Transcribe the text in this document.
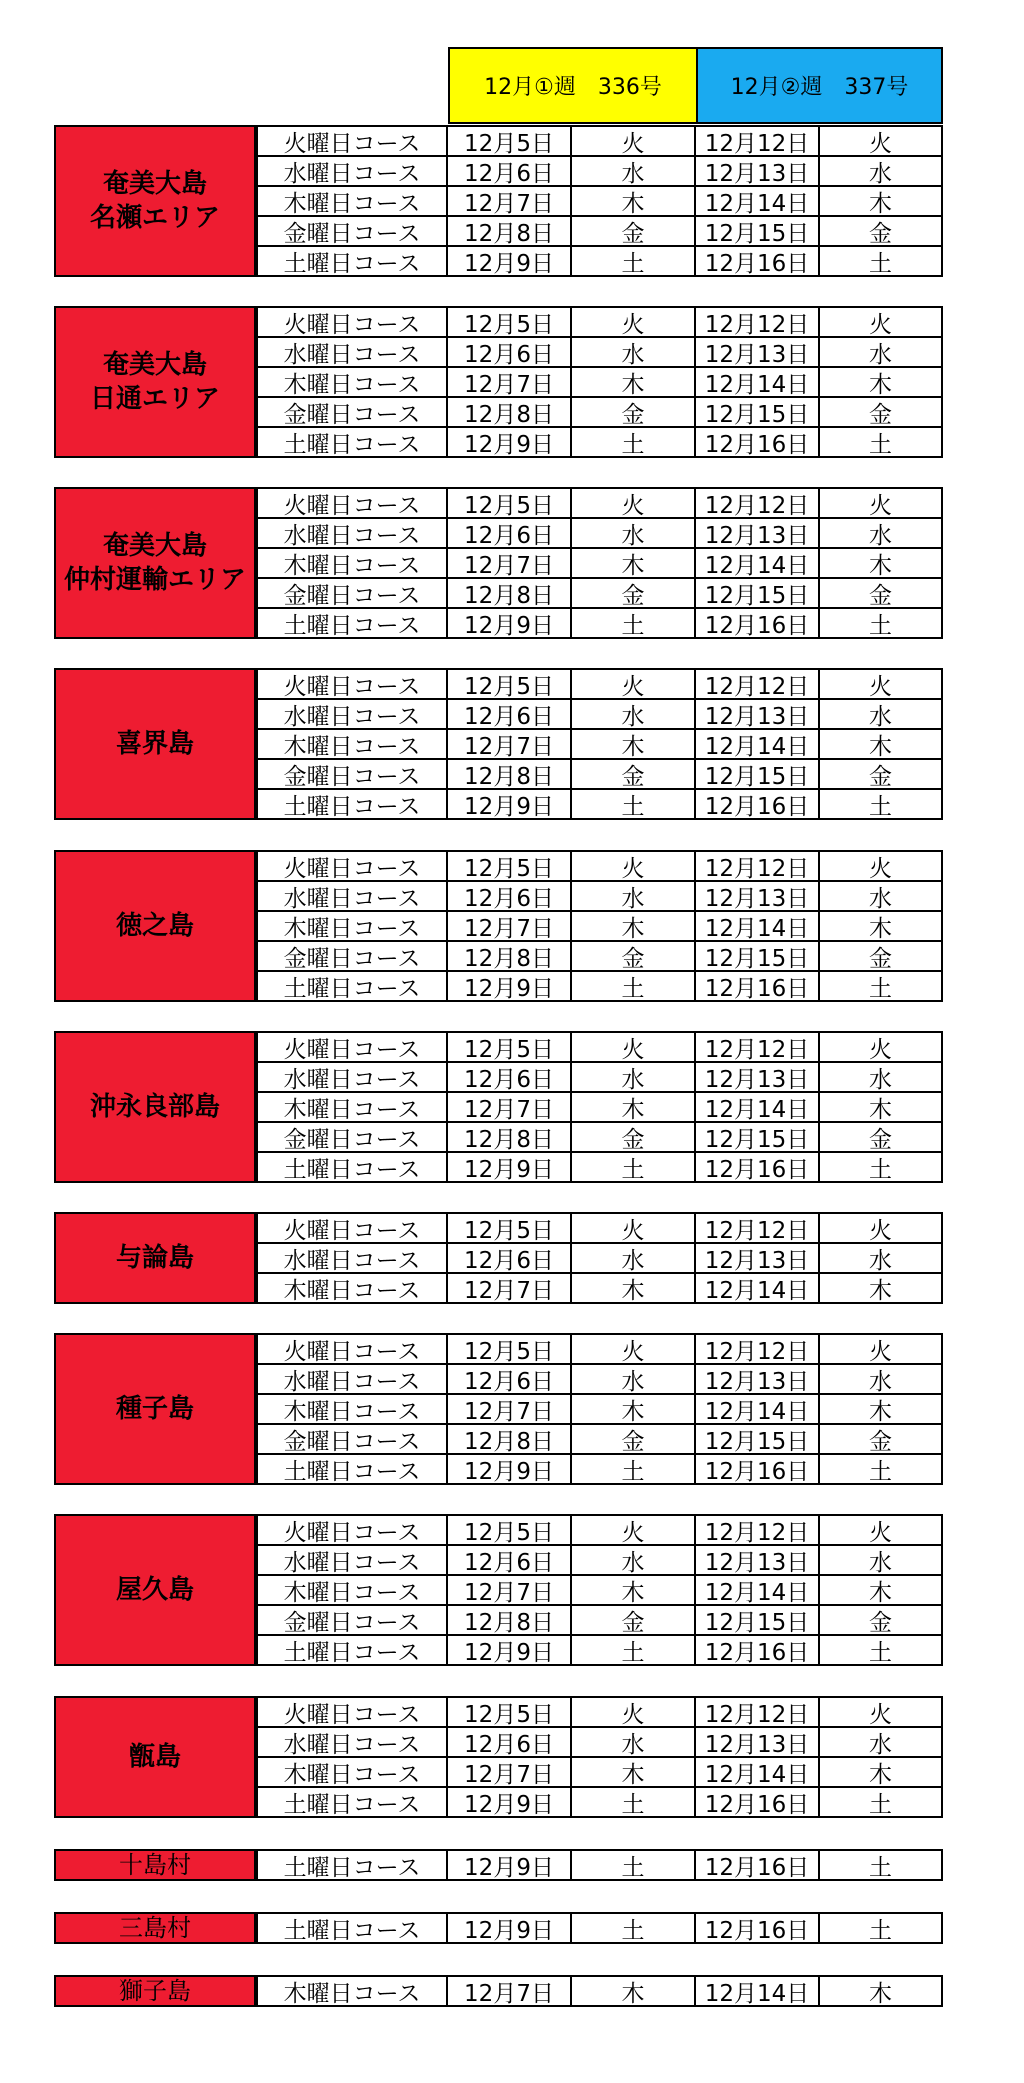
12月①週　336号	12月②週　337号
奄美大島
名瀬エリア
火曜日コース	12月5日	火	12月12日	火
水曜日コース	12月6日	水	12月13日	水
木曜日コース	12月7日	木	12月14日	木
金曜日コース	12月8日	金	12月15日	金
土曜日コース	12月9日	土	12月16日	土
奄美大島
日通エリア
火曜日コース	12月5日	火	12月12日	火
水曜日コース	12月6日	水	12月13日	水
木曜日コース	12月7日	木	12月14日	木
金曜日コース	12月8日	金	12月15日	金
土曜日コース	12月9日	土	12月16日	土
奄美大島
仲村運輸エリア
火曜日コース	12月5日	火	12月12日	火
水曜日コース	12月6日	水	12月13日	水
木曜日コース	12月7日	木	12月14日	木
金曜日コース	12月8日	金	12月15日	金
土曜日コース	12月9日	土	12月16日	土
喜界島
火曜日コース	12月5日	火	12月12日	火
水曜日コース	12月6日	水	12月13日	水
木曜日コース	12月7日	木	12月14日	木
金曜日コース	12月8日	金	12月15日	金
土曜日コース	12月9日	土	12月16日	土
徳之島
火曜日コース	12月5日	火	12月12日	火
水曜日コース	12月6日	水	12月13日	水
木曜日コース	12月7日	木	12月14日	木
金曜日コース	12月8日	金	12月15日	金
土曜日コース	12月9日	土	12月16日	土
沖永良部島
火曜日コース	12月5日	火	12月12日	火
水曜日コース	12月6日	水	12月13日	水
木曜日コース	12月7日	木	12月14日	木
金曜日コース	12月8日	金	12月15日	金
土曜日コース	12月9日	土	12月16日	土
与論島
火曜日コース	12月5日	火	12月12日	火
水曜日コース	12月6日	水	12月13日	水
木曜日コース	12月7日	木	12月14日	木
種子島
火曜日コース	12月5日	火	12月12日	火
水曜日コース	12月6日	水	12月13日	水
木曜日コース	12月7日	木	12月14日	木
金曜日コース	12月8日	金	12月15日	金
土曜日コース	12月9日	土	12月16日	土
屋久島
火曜日コース	12月5日	火	12月12日	火
水曜日コース	12月6日	水	12月13日	水
木曜日コース	12月7日	木	12月14日	木
金曜日コース	12月8日	金	12月15日	金
土曜日コース	12月9日	土	12月16日	土
甑島
火曜日コース	12月5日	火	12月12日	火
水曜日コース	12月6日	水	12月13日	水
木曜日コース	12月7日	木	12月14日	木
土曜日コース	12月9日	土	12月16日	土
十島村	土曜日コース	12月9日	土	12月16日	土
三島村	土曜日コース	12月9日	土	12月16日	土
獅子島	木曜日コース	12月7日	木	12月14日	木
